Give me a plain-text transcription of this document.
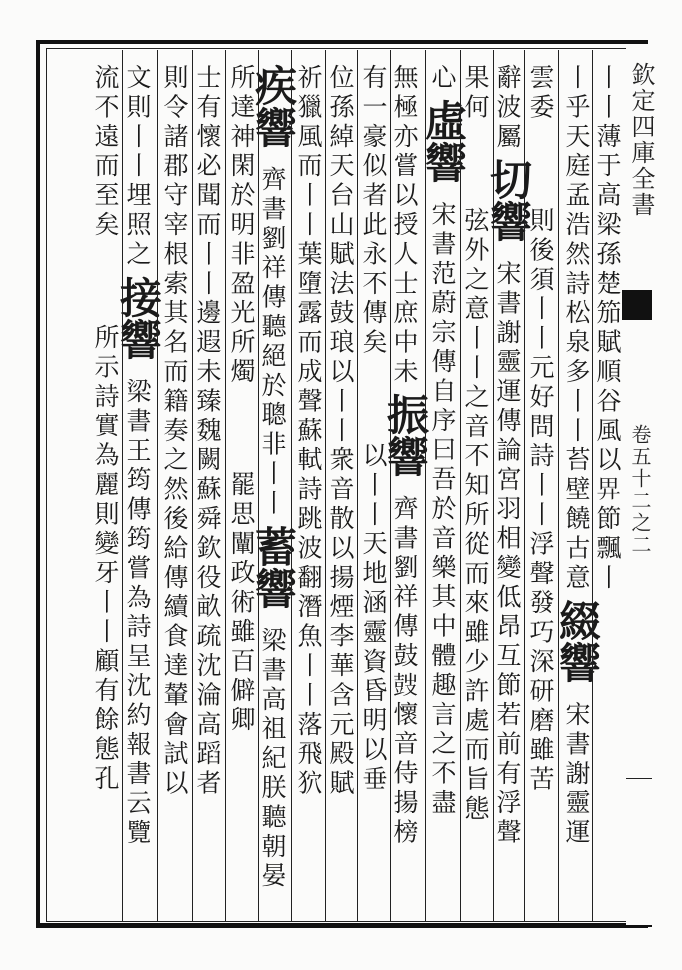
欽定四庫全書
卷五十二之二
丨丨薄于高梁孫楚笳賦順谷風以𢌿節飄丨
丨乎天庭孟浩然詩松泉多丨丨苔壁饒古意
綴響
宋書謝靈運
雲委
則後須丨丨元好問詩丨丨浮聲發巧深研磨雖苦
辭波屬
切響
宋書謝靈運傳論宮羽相變低昂互節若前有浮聲
果何
弦外之意丨丨之音不知所從而來雖少許處而旨態
心
虛響
宋書范蔚宗傳自序曰吾於音樂其中體趣言之不盡
無極亦嘗以授人士庶中未
振響
齊書劉祥傳鼓𡔷懷音侍揚榜
有一豪似者此永不傳矣
以丨丨天地涵靈資昏明以垂
位孫綽天台山賦法鼓琅以丨丨衆音散以揚煙李華含元殿賦
祈獵風而丨丨葉墮露而成聲蘇軾詩跳波翻潛魚丨丨落飛狖
疾響
齊書劉祥傳聽絕於聰非丨丨
蓄響
梁書高祖紀朕聽朝晏
所達神閑於明非盈光所燭
罷思闡政術雖百僻卿
士有懷必聞而丨丨邊遐未臻魏闕蘇舜欽役畝疏沈淪高蹈者
則令諸郡守宰根索其名而籍奏之然後給傳續食達輦會試以
文則丨丨埋照之
接響
梁書王筠傳筠嘗為詩呈沈約報書云覽
流不遠而至矣
所示詩實為麗則變牙丨丨顧有餘態孔
